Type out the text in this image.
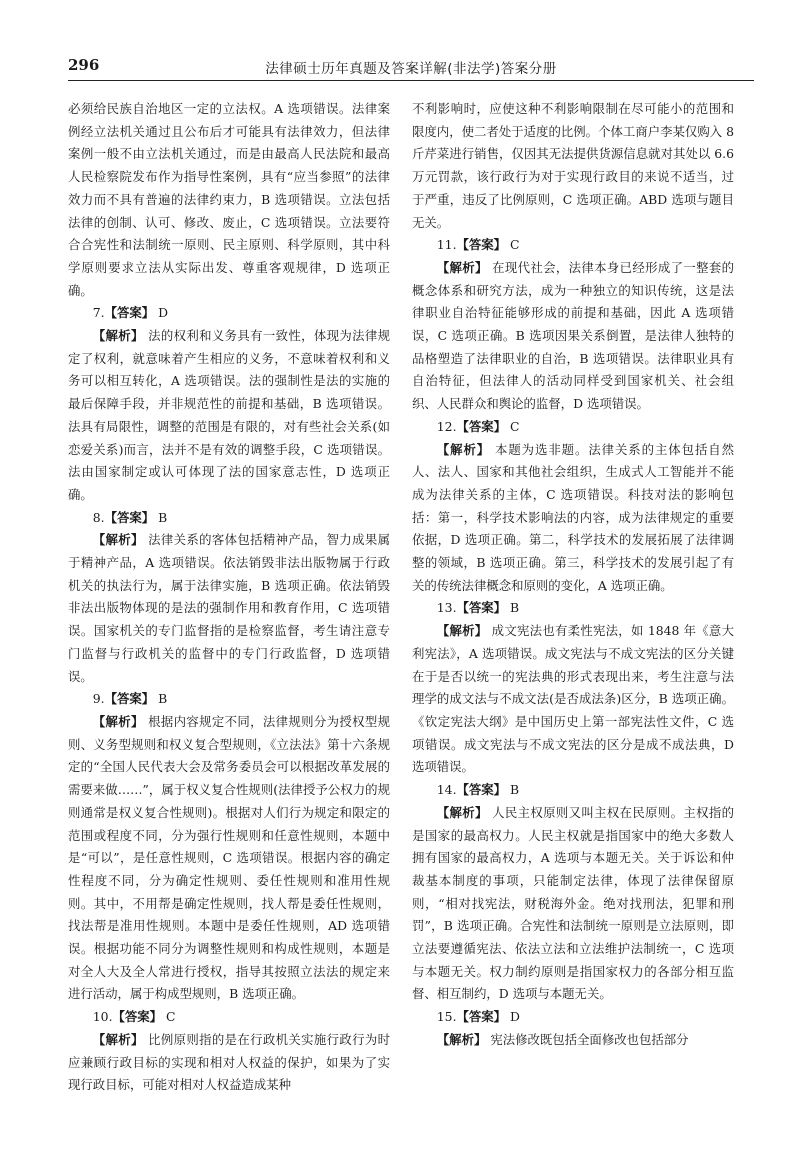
296	法律硕士历年真题及答案详解(非法学)答案分册

必须给民族自治地区一定的立法权。A 选项错误。法律案例经立法机关通过且公布后才可能具有法律效力，但法律案例一般不由立法机关通过，而是由最高人民法院和最高人民检察院发布作为指导性案例，具有“应当参照”的法律效力而不具有普遍的法律约束力，B 选项错误。立法包括法律的创制、认可、修改、废止，C 选项错误。立法要符合合宪性和法制统一原则、民主原则、科学原则，其中科学原则要求立法从实际出发、尊重客观规律，D 选项正确。

7.【答案】 D

【解析】 法的权利和义务具有一致性，体现为法律规定了权利，就意味着产生相应的义务，不意味着权利和义务可以相互转化，A 选项错误。法的强制性是法的实施的最后保障手段，并非规范性的前提和基础，B 选项错误。法具有局限性，调整的范围是有限的，对有些社会关系(如恋爱关系)而言，法并不是有效的调整手段，C 选项错误。法由国家制定或认可体现了法的国家意志性，D 选项正确。

8.【答案】 B

【解析】 法律关系的客体包括精神产品，智力成果属于精神产品，A 选项错误。依法销毁非法出版物属于行政机关的执法行为，属于法律实施，B 选项正确。依法销毁非法出版物体现的是法的强制作用和教育作用，C 选项错误。国家机关的专门监督指的是检察监督，考生请注意专门监督与行政机关的监督中的专门行政监督，D 选项错误。

9.【答案】 B

【解析】 根据内容规定不同，法律规则分为授权型规则、义务型规则和权义复合型规则，《立法法》第十六条规定的“全国人民代表大会及常务委员会可以根据改革发展的需要来做……”，属于权义复合性规则(法律授予公权力的规则通常是权义复合性规则)。根据对人们行为规定和限定的范围或程度不同，分为强行性规则和任意性规则，本题中是“可以”，是任意性规则，C 选项错误。根据内容的确定性程度不同，分为确定性规则、委任性规则和准用性规则。其中，不用帮是确定性规则，找人帮是委任性规则，找法帮是准用性规则。本题中是委任性规则，AD 选项错误。根据功能不同分为调整性规则和构成性规则，本题是对全人大及全人常进行授权，指导其按照立法法的规定来进行活动，属于构成型规则，B 选项正确。

10.【答案】 C

【解析】 比例原则指的是在行政机关实施行政行为时应兼顾行政目标的实现和相对人权益的保护，如果为了实现行政目标，可能对相对人权益造成某种

不利影响时，应使这种不利影响限制在尽可能小的范围和限度内，使二者处于适度的比例。个体工商户李某仅购入 8 斤芹菜进行销售，仅因其无法提供货源信息就对其处以 6.6 万元罚款，该行政行为对于实现行政目的来说不适当，过于严重，违反了比例原则，C 选项正确。ABD 选项与题目无关。

11.【答案】 C

【解析】 在现代社会，法律本身已经形成了一整套的概念体系和研究方法，成为一种独立的知识传统，这是法律职业自治特征能够形成的前提和基础，因此 A 选项错误，C 选项正确。B 选项因果关系倒置，是法律人独特的品格塑造了法律职业的自治，B 选项错误。法律职业具有自治特征，但法律人的活动同样受到国家机关、社会组织、人民群众和舆论的监督，D 选项错误。

12.【答案】 C

【解析】 本题为选非题。法律关系的主体包括自然人、法人、国家和其他社会组织，生成式人工智能并不能成为法律关系的主体，C 选项错误。科技对法的影响包括：第一，科学技术影响法的内容，成为法律规定的重要依据，D 选项正确。第二，科学技术的发展拓展了法律调整的领域，B 选项正确。第三，科学技术的发展引起了有关的传统法律概念和原则的变化，A 选项正确。

13.【答案】 B

【解析】 成文宪法也有柔性宪法，如 1848 年《意大利宪法》，A 选项错误。成文宪法与不成文宪法的区分关键在于是否以统一的宪法典的形式表现出来，考生注意与法理学的成文法与不成文法(是否成法条)区分，B 选项正确。《钦定宪法大纲》是中国历史上第一部宪法性文件，C 选项错误。成文宪法与不成文宪法的区分是成不成法典，D 选项错误。

14.【答案】 B

【解析】 人民主权原则又叫主权在民原则。主权指的是国家的最高权力。人民主权就是指国家中的绝大多数人拥有国家的最高权力，A 选项与本题无关。关于诉讼和仲裁基本制度的事项，只能制定法律，体现了法律保留原则，“相对找宪法，财税海外金。绝对找刑法，犯罪和刑罚”，B 选项正确。合宪性和法制统一原则是立法原则，即立法要遵循宪法、依法立法和立法维护法制统一，C 选项与本题无关。权力制约原则是指国家权力的各部分相互监督、相互制约，D 选项与本题无关。

15.【答案】 D

【解析】 宪法修改既包括全面修改也包括部分
